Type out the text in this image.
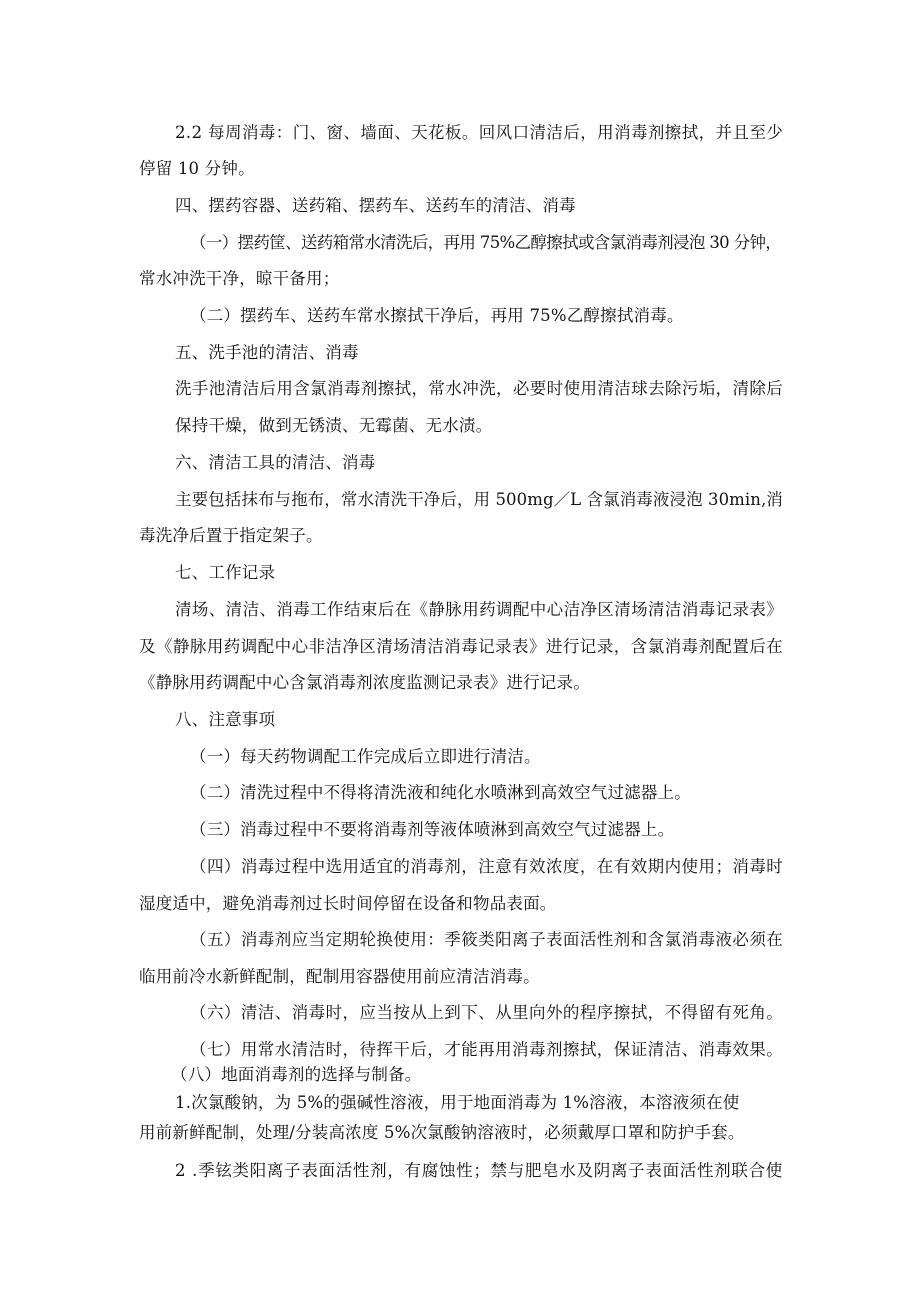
2.2 每周消毒：门、窗、墙面、天花板。回风口清洁后，用消毒剂擦拭，并且至少

停留 10 分钟。

四、摆药容器、送药箱、摆药车、送药车的清洁、消毒

（一）摆药筐、送药箱常水清洗后，再用 75%乙醇擦拭或含氯消毒剂浸泡 30 分钟，

常水冲洗干净，晾干备用；

（二）摆药车、送药车常水擦拭干净后，再用 75%乙醇擦拭消毒。

五、洗手池的清洁、消毒

洗手池清洁后用含氯消毒剂擦拭，常水冲洗，必要时使用清洁球去除污垢，清除后

保持干燥，做到无锈渍、无霉菌、无水渍。

六、清洁工具的清洁、消毒

主要包括抹布与拖布，常水清洗干净后，用 500mg／L 含氯消毒液浸泡 30min,消

毒洗净后置于指定架子。

七、工作记录

清场、清洁、消毒工作结束后在《静脉用药调配中心洁净区清场清洁消毒记录表》

及《静脉用药调配中心非洁净区清场清洁消毒记录表》进行记录，含氯消毒剂配置后在

《静脉用药调配中心含氯消毒剂浓度监测记录表》进行记录。

八、注意事项

（一）每天药物调配工作完成后立即进行清洁。

（二）清洗过程中不得将清洗液和纯化水喷淋到高效空气过滤器上。

（三）消毒过程中不要将消毒剂等液体喷淋到高效空气过滤器上。

（四）消毒过程中选用适宜的消毒剂，注意有效浓度，在有效期内使用；消毒时

湿度适中，避免消毒剂过长时间停留在设备和物品表面。

（五）消毒剂应当定期轮换使用：季筱类阳离子表面活性剂和含氯消毒液必须在

临用前冷水新鲜配制，配制用容器使用前应清洁消毒。

（六）清洁、消毒时，应当按从上到下、从里向外的程序擦拭，不得留有死角。

（七）用常水清洁时，待挥干后，才能再用消毒剂擦拭，保证清洁、消毒效果。

（八）地面消毒剂的选择与制备。

1.次氯酸钠，为 5%的强碱性溶液，用于地面消毒为 1%溶液，本溶液须在使

用前新鲜配制，处理/分装高浓度 5%次氯酸钠溶液时，必须戴厚口罩和防护手套。

2 .季铉类阳离子表面活性剂，有腐蚀性；禁与肥皂水及阴离子表面活性剂联合使
